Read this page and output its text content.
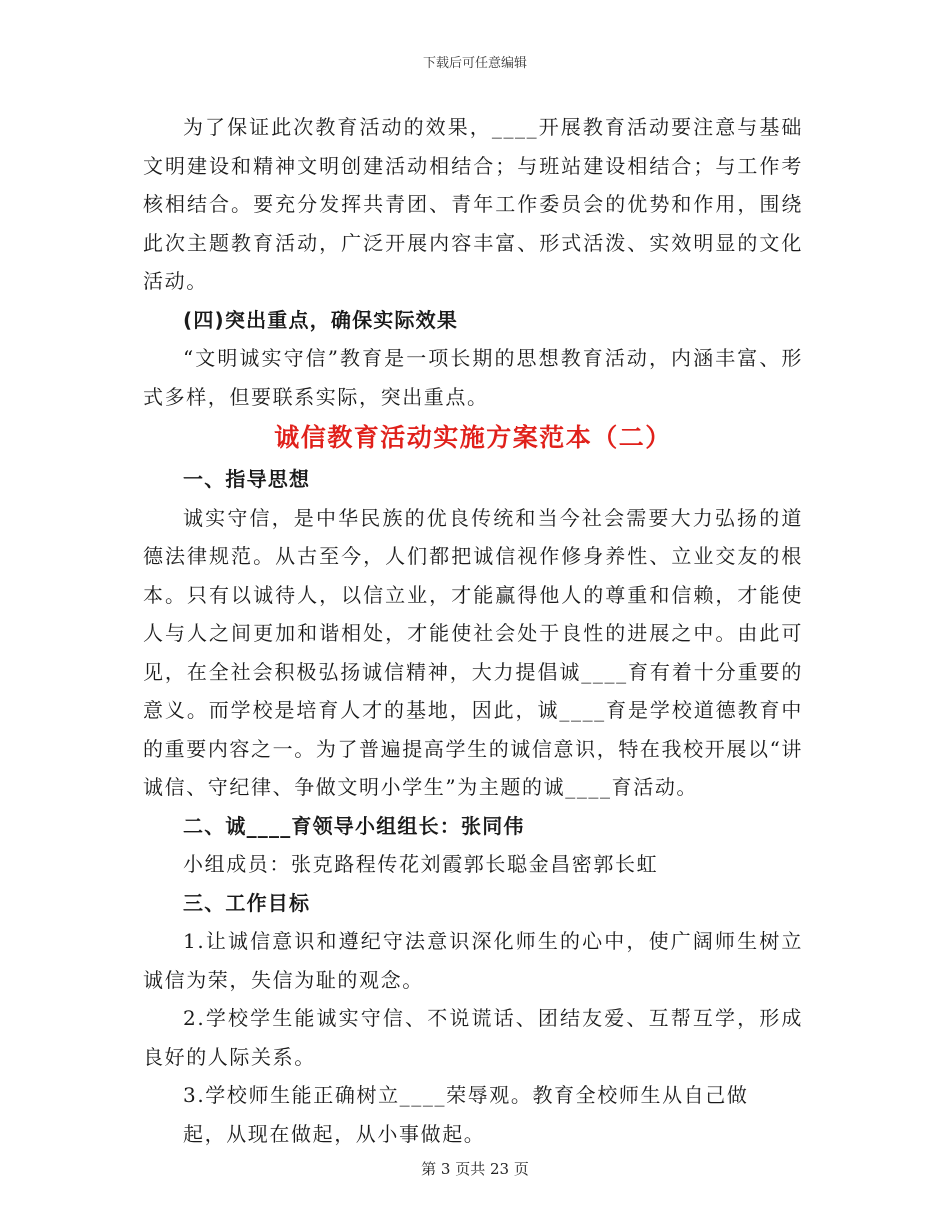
下载后可任意编辑

为了保证此次教育活动的效果，____开展教育活动要注意与基础文明建设和精神文明创建活动相结合；与班站建设相结合；与工作考核相结合。要充分发挥共青团、青年工作委员会的优势和作用，围绕此次主题教育活动，广泛开展内容丰富、形式活泼、实效明显的文化活动。

(四)突出重点，确保实际效果

“文明诚实守信”教育是一项长期的思想教育活动，内涵丰富、形式多样，但要联系实际，突出重点。

诚信教育活动实施方案范本（二）

一、指导思想

诚实守信，是中华民族的优良传统和当今社会需要大力弘扬的道德法律规范。从古至今，人们都把诚信视作修身养性、立业交友的根本。只有以诚待人，以信立业，才能赢得他人的尊重和信赖，才能使人与人之间更加和谐相处，才能使社会处于良性的进展之中。由此可见，在全社会积极弘扬诚信精神，大力提倡诚____育有着十分重要的意义。而学校是培育人才的基地，因此，诚____育是学校道德教育中的重要内容之一。为了普遍提高学生的诚信意识，特在我校开展以“讲诚信、守纪律、争做文明小学生”为主题的诚____育活动。

二、诚____育领导小组组长：张同伟

小组成员：张克路程传花刘霞郭长聪金昌密郭长虹

三、工作目标

1.让诚信意识和遵纪守法意识深化师生的心中，使广阔师生树立诚信为荣，失信为耻的观念。

2.学校学生能诚实守信、不说谎话、团结友爱、互帮互学，形成良好的人际关系。

3.学校师生能正确树立____荣辱观。教育全校师生从自己做

起，从现在做起，从小事做起。

第 3 页共 23 页
